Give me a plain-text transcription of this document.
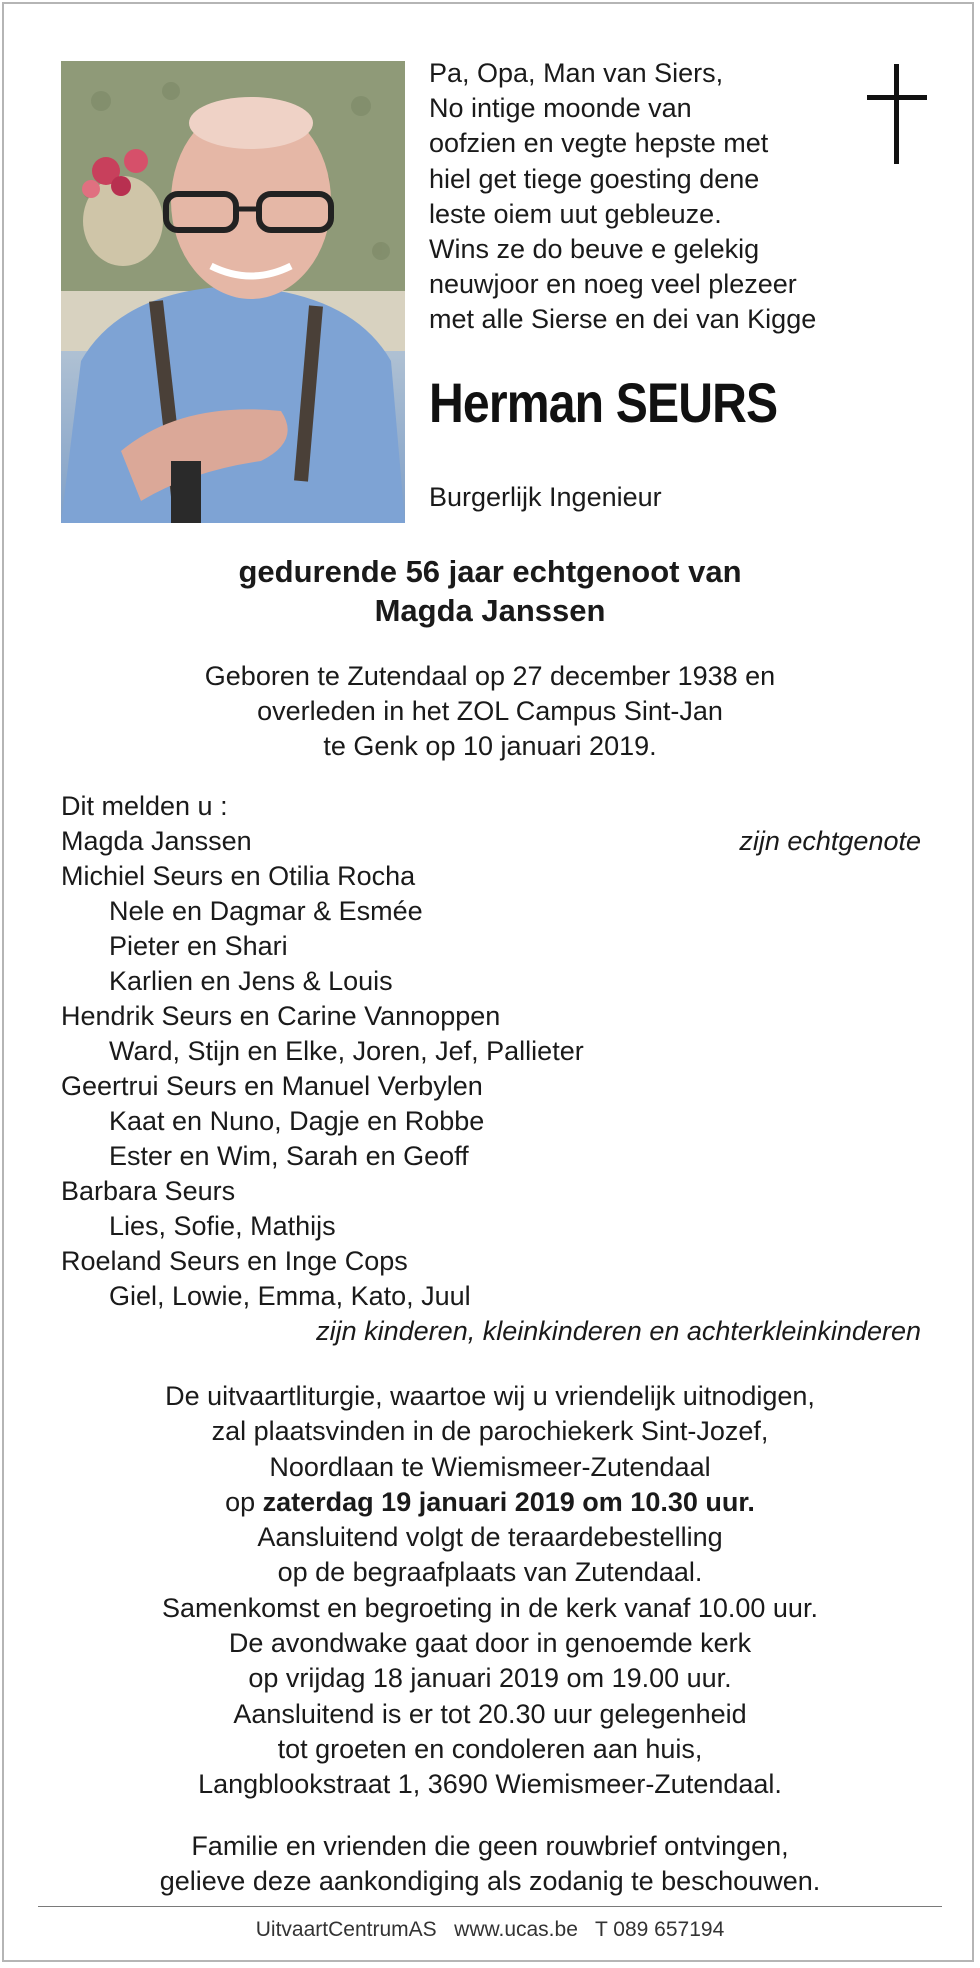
Pa, Opa, Man van Siers,
No intige moonde van
oofzien en vegte hepste met
hiel get tiege goesting dene
leste oiem uut gebleuze.
Wins ze do beuve e gelekig
neuwjoor en noeg veel plezeer
met alle Sierse en dei van Kigge
Herman SEURS
Burgerlijk Ingenieur
gedurende 56 jaar echtgenoot van
Magda Janssen
Geboren te Zutendaal op 27 december 1938 en
overleden in het ZOL Campus Sint-Jan
te Genk op 10 januari 2019.
Dit melden u :
Magda Janssen	zijn echtgenote
Michiel Seurs en Otilia Rocha
Nele en Dagmar & Esmée
Pieter en Shari
Karlien en Jens & Louis
Hendrik Seurs en Carine Vannoppen
Ward, Stijn en Elke, Joren, Jef, Pallieter
Geertrui Seurs en Manuel Verbylen
Kaat en Nuno, Dagje en Robbe
Ester en Wim, Sarah en Geoff
Barbara Seurs
Lies, Sofie, Mathijs
Roeland Seurs en Inge Cops
Giel, Lowie, Emma, Kato, Juul
zijn kinderen, kleinkinderen en achterkleinkinderen
De uitvaartliturgie, waartoe wij u vriendelijk uitnodigen,
zal plaatsvinden in de parochiekerk Sint-Jozef,
Noordlaan te Wiemismeer-Zutendaal
op zaterdag 19 januari 2019 om 10.30 uur.
Aansluitend volgt de teraardebestelling
op de begraafplaats van Zutendaal.
Samenkomst en begroeting in de kerk vanaf 10.00 uur.
De avondwake gaat door in genoemde kerk
op vrijdag 18 januari 2019 om 19.00 uur.
Aansluitend is er tot 20.30 uur gelegenheid
tot groeten en condoleren aan huis,
Langblookstraat 1, 3690 Wiemismeer-Zutendaal.
Familie en vrienden die geen rouwbrief ontvingen,
gelieve deze aankondiging als zodanig te beschouwen.
UitvaartCentrumAS www.ucas.be T 089 657194
